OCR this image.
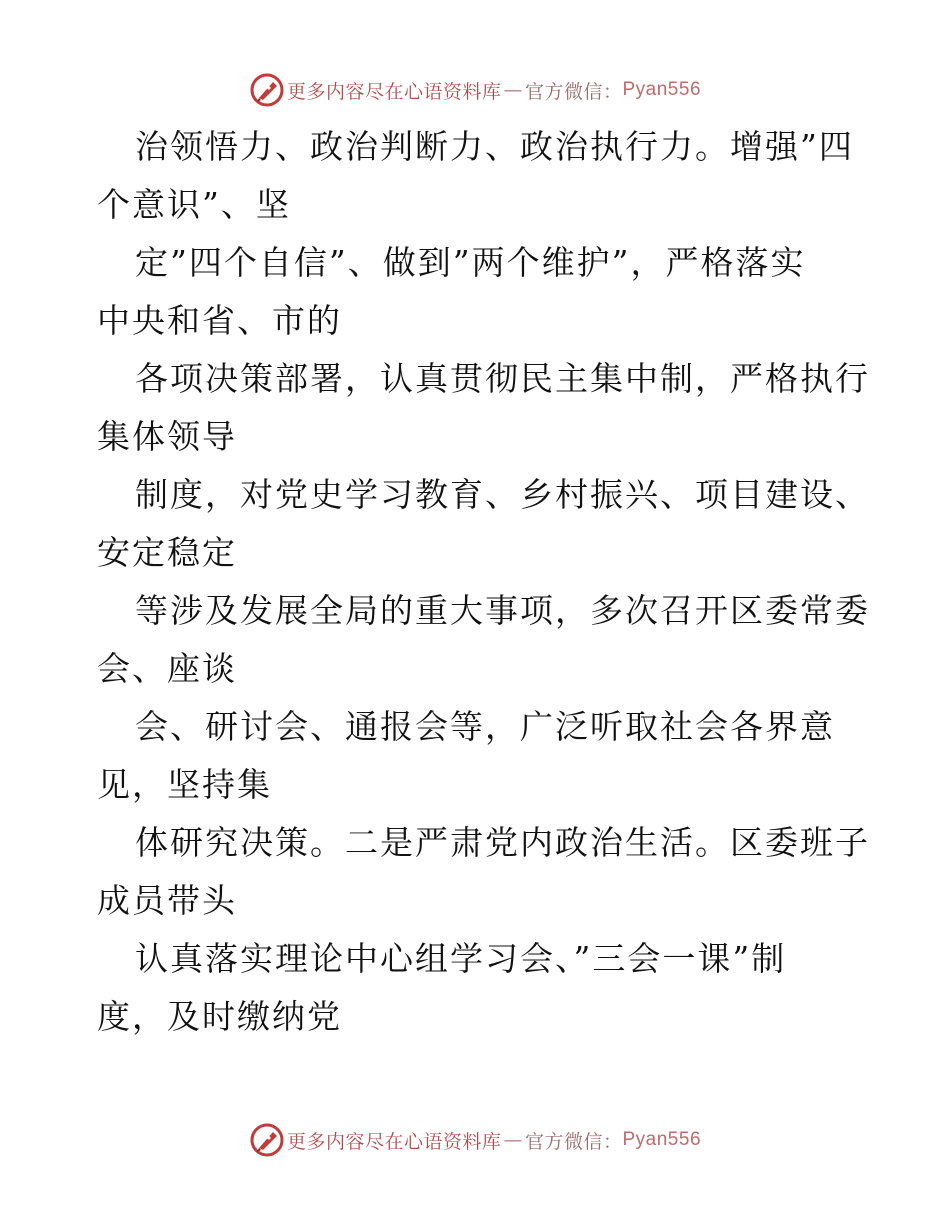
更多内容尽在心语资料库 — 官方微信： Pyan556
治领悟力、政治判断力、政治执行力。增强”四
个意识”、坚
定”四个自信”、做到”两个维护”，严格落实
中央和省、市的
各项决策部署，认真贯彻民主集中制，严格执行
集体领导
制度，对党史学习教育、乡村振兴、项目建设、
安定稳定
等涉及发展全局的重大事项，多次召开区委常委
会、座谈
会、研讨会、通报会等，广泛听取社会各界意
见，坚持集
体研究决策。二是严肃党内政治生活。区委班子
成员带头
认真落实理论中心组学习会、”三会一课”制
度，及时缴纳党
更多内容尽在心语资料库 — 官方微信： Pyan556
